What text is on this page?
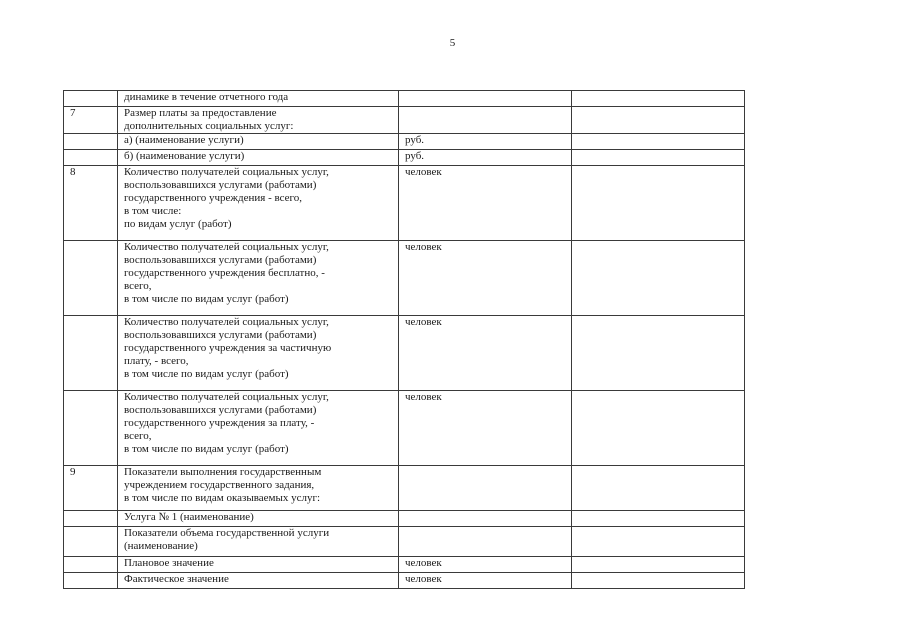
5
	динамике в течение отчетного года		
7	Размер платы за предоставление
дополнительных социальных услуг:		
	а) (наименование услуги)	руб.	
	б) (наименование услуги)	руб.	
8	Количество получателей социальных услуг,
воспользовавшихся услугами (работами)
государственного учреждения - всего,
в том числе:
по видам услуг (работ)	человек	
	Количество получателей социальных услуг,
воспользовавшихся услугами (работами)
государственного учреждения бесплатно, -
всего,
в том числе по видам услуг (работ)	человек	
	Количество получателей социальных услуг,
воспользовавшихся услугами (работами)
государственного учреждения за частичную
плату, - всего,
в том числе по видам услуг (работ)	человек	
	Количество получателей социальных услуг,
воспользовавшихся услугами (работами)
государственного учреждения за плату, -
всего,
в том числе по видам услуг (работ)	человек	
9	Показатели выполнения государственным
учреждением государственного задания,
в том числе по видам оказываемых услуг:		
	Услуга № 1 (наименование)		
	Показатели объема государственной услуги
(наименование)		
	Плановое значение	человек	
	Фактическое значение	человек	
